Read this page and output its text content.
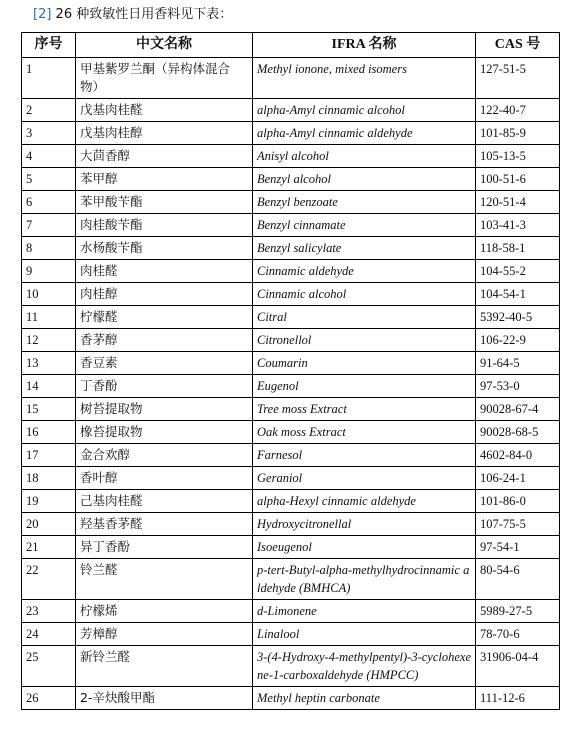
[2] 26 种致敏性日用香料见下表：
序号	中文名称	IFRA 名称	CAS 号
1	甲基紫罗兰酮（异构体混合物）	Methyl ionone, mixed isomers	127-51-5
2	戊基肉桂醛	alpha-Amyl cinnamic alcohol	122-40-7
3	戊基肉桂醇	alpha-Amyl cinnamic aldehyde	101-85-9
4	大茴香醇	Anisyl alcohol	105-13-5
5	苯甲醇	Benzyl alcohol	100-51-6
6	苯甲酸苄酯	Benzyl benzoate	120-51-4
7	肉桂酸苄酯	Benzyl cinnamate	103-41-3
8	水杨酸苄酯	Benzyl salicylate	118-58-1
9	肉桂醛	Cinnamic aldehyde	104-55-2
10	肉桂醇	Cinnamic alcohol	104-54-1
11	柠檬醛	Citral	5392-40-5
12	香茅醇	Citronellol	106-22-9
13	香豆素	Coumarin	91-64-5
14	丁香酚	Eugenol	97-53-0
15	树苔提取物	Tree moss Extract	90028-67-4
16	橡苔提取物	Oak moss Extract	90028-68-5
17	金合欢醇	Farnesol	4602-84-0
18	香叶醇	Geraniol	106-24-1
19	己基肉桂醛	alpha-Hexyl cinnamic aldehyde	101-86-0
20	羟基香茅醛	Hydroxycitronellal	107-75-5
21	异丁香酚	Isoeugenol	97-54-1
22	铃兰醛	p-tert-Butyl-alpha-methylhydrocinnamic aldehyde (BMHCA)	80-54-6
23	柠檬烯	d-Limonene	5989-27-5
24	芳樟醇	Linalool	78-70-6
25	新铃兰醛	3-(4-Hydroxy-4-methylpentyl)-3-cyclohexene-1-carboxaldehyde (HMPCC)	31906-04-4
26	2-辛炔酸甲酯	Methyl heptin carbonate	111-12-6
